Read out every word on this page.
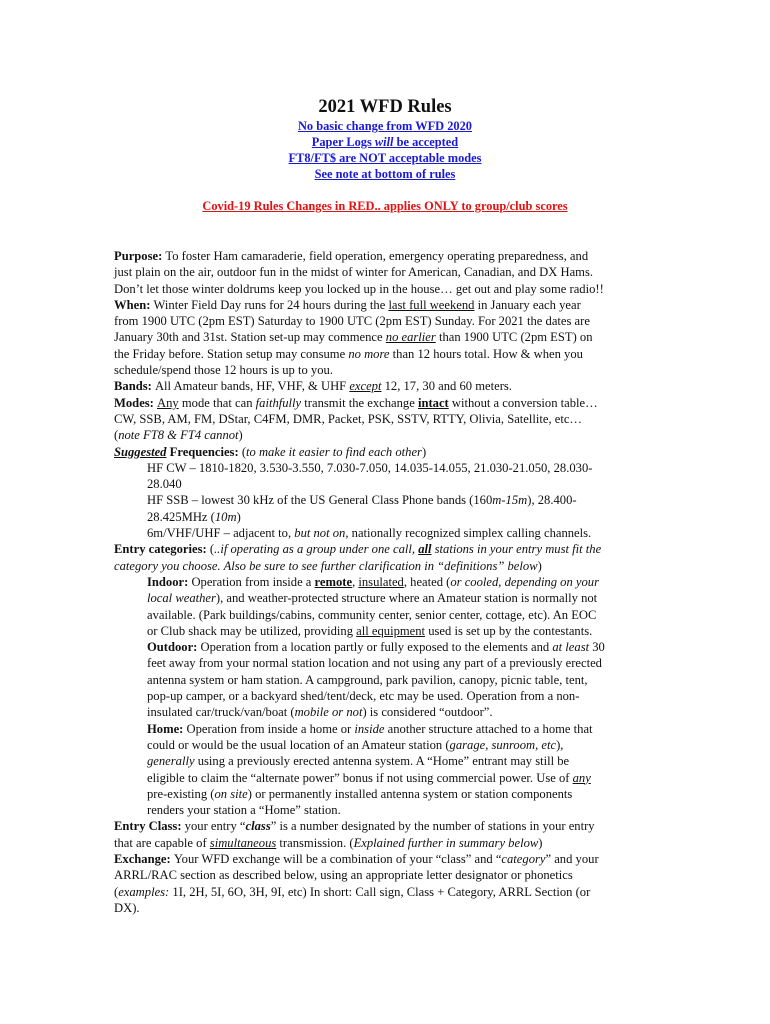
2021 WFD Rules
No basic change from WFD 2020
Paper Logs will be accepted
FT8/FT$ are NOT acceptable modes
See note at bottom of rules
Covid-19 Rules Changes in RED.. applies ONLY to group/club scores
Purpose: To foster Ham camaraderie, field operation, emergency operating preparedness, and
just plain on the air, outdoor fun in the midst of winter for American, Canadian, and DX Hams.
Don’t let those winter doldrums keep you locked up in the house… get out and play some radio!!
When: Winter Field Day runs for 24 hours during the last full weekend in January each year
from 1900 UTC (2pm EST) Saturday to 1900 UTC (2pm EST) Sunday. For 2021 the dates are
January 30th and 31st. Station set-up may commence no earlier than 1900 UTC (2pm EST) on
the Friday before. Station setup may consume no more than 12 hours total. How & when you
schedule/spend those 12 hours is up to you.
Bands: All Amateur bands, HF, VHF, & UHF except 12, 17, 30 and 60 meters.
Modes: Any mode that can faithfully transmit the exchange intact without a conversion table…
CW, SSB, AM, FM, DStar, C4FM, DMR, Packet, PSK, SSTV, RTTY, Olivia, Satellite, etc…
(note FT8 & FT4 cannot)
Suggested Frequencies: (to make it easier to find each other)
HF CW – 1810-1820, 3.530-3.550, 7.030-7.050, 14.035-14.055, 21.030-21.050, 28.030-
28.040
HF SSB – lowest 30 kHz of the US General Class Phone bands (160m-15m), 28.400-
28.425MHz (10m)
6m/VHF/UHF – adjacent to, but not on, nationally recognized simplex calling channels.
Entry categories: (..if operating as a group under one call, all stations in your entry must fit the
category you choose. Also be sure to see further clarification in “definitions” below)
Indoor: Operation from inside a remote, insulated, heated (or cooled, depending on your
local weather), and weather-protected structure where an Amateur station is normally not
available. (Park buildings/cabins, community center, senior center, cottage, etc). An EOC
or Club shack may be utilized, providing all equipment used is set up by the contestants.
Outdoor: Operation from a location partly or fully exposed to the elements and at least 30
feet away from your normal station location and not using any part of a previously erected
antenna system or ham station. A campground, park pavilion, canopy, picnic table, tent,
pop-up camper, or a backyard shed/tent/deck, etc may be used. Operation from a non-
insulated car/truck/van/boat (mobile or not) is considered “outdoor”.
Home: Operation from inside a home or inside another structure attached to a home that
could or would be the usual location of an Amateur station (garage, sunroom, etc),
generally using a previously erected antenna system. A “Home” entrant may still be
eligible to claim the “alternate power” bonus if not using commercial power. Use of any
pre-existing (on site) or permanently installed antenna system or station components
renders your station a “Home” station.
Entry Class: your entry “class” is a number designated by the number of stations in your entry
that are capable of simultaneous transmission. (Explained further in summary below)
Exchange: Your WFD exchange will be a combination of your “class” and “category” and your
ARRL/RAC section as described below, using an appropriate letter designator or phonetics
(examples: 1I, 2H, 5I, 6O, 3H, 9I, etc) In short: Call sign, Class + Category, ARRL Section (or
DX).
